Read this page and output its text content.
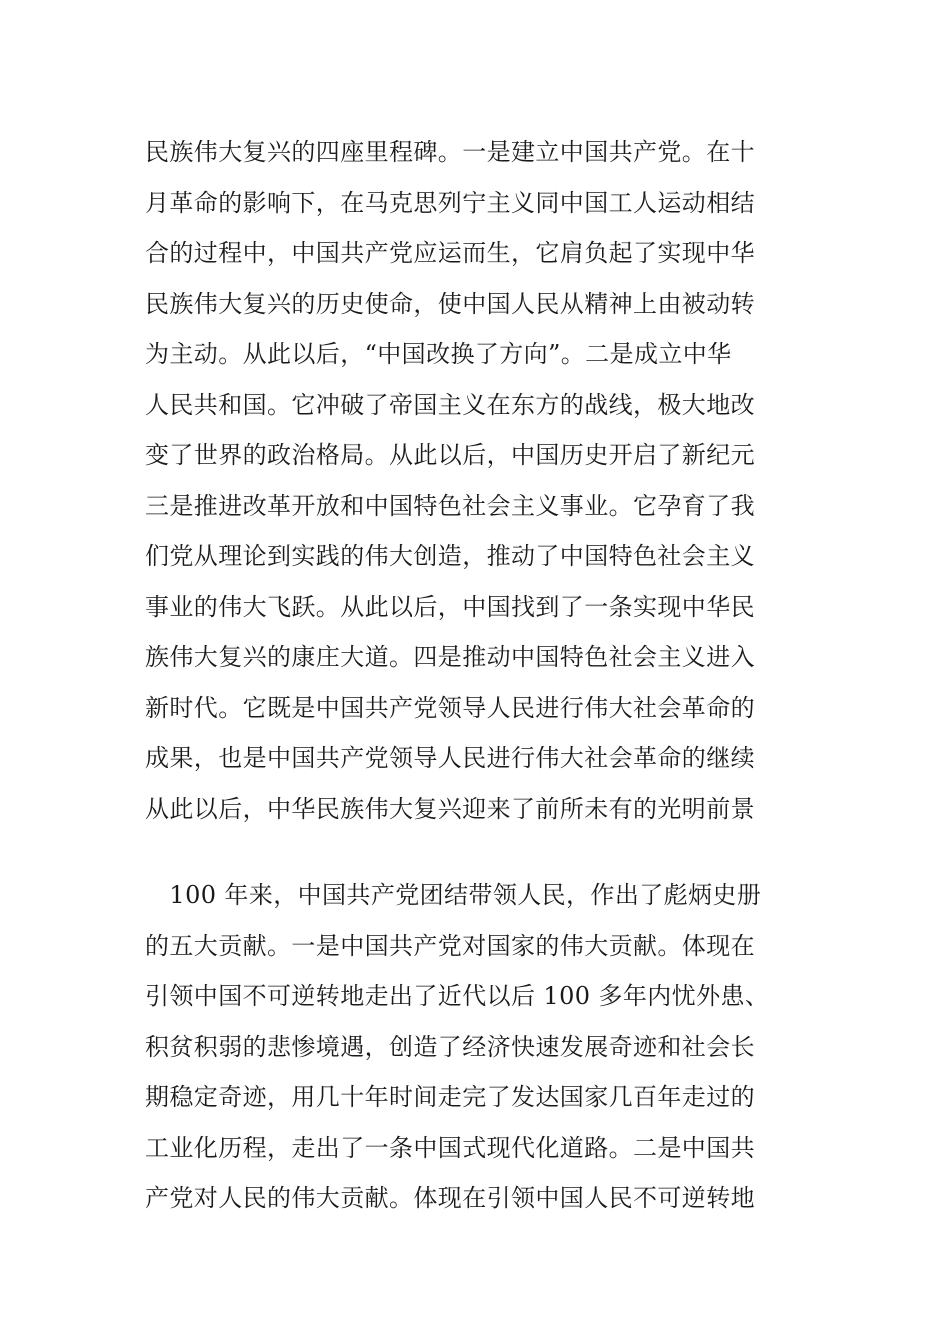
民族伟大复兴的四座里程碑。一是建立中国共产党。在十
月革命的影响下，在马克思列宁主义同中国工人运动相结
合的过程中，中国共产党应运而生，它肩负起了实现中华
民族伟大复兴的历史使命，使中国人民从精神上由被动转
为主动。从此以后，“中国改换了方向”。二是成立中华
人民共和国。它冲破了帝国主义在东方的战线，极大地改
变了世界的政治格局。从此以后，中国历史开启了新纪元
三是推进改革开放和中国特色社会主义事业。它孕育了我
们党从理论到实践的伟大创造，推动了中国特色社会主义
事业的伟大飞跃。从此以后，中国找到了一条实现中华民
族伟大复兴的康庄大道。四是推动中国特色社会主义进入
新时代。它既是中国共产党领导人民进行伟大社会革命的
成果，也是中国共产党领导人民进行伟大社会革命的继续
从此以后，中华民族伟大复兴迎来了前所未有的光明前景
　100 年来，中国共产党团结带领人民，作出了彪炳史册
的五大贡献。一是中国共产党对国家的伟大贡献。体现在
引领中国不可逆转地走出了近代以后 100 多年内忧外患、
积贫积弱的悲惨境遇，创造了经济快速发展奇迹和社会长
期稳定奇迹，用几十年时间走完了发达国家几百年走过的
工业化历程，走出了一条中国式现代化道路。二是中国共
产党对人民的伟大贡献。体现在引领中国人民不可逆转地
